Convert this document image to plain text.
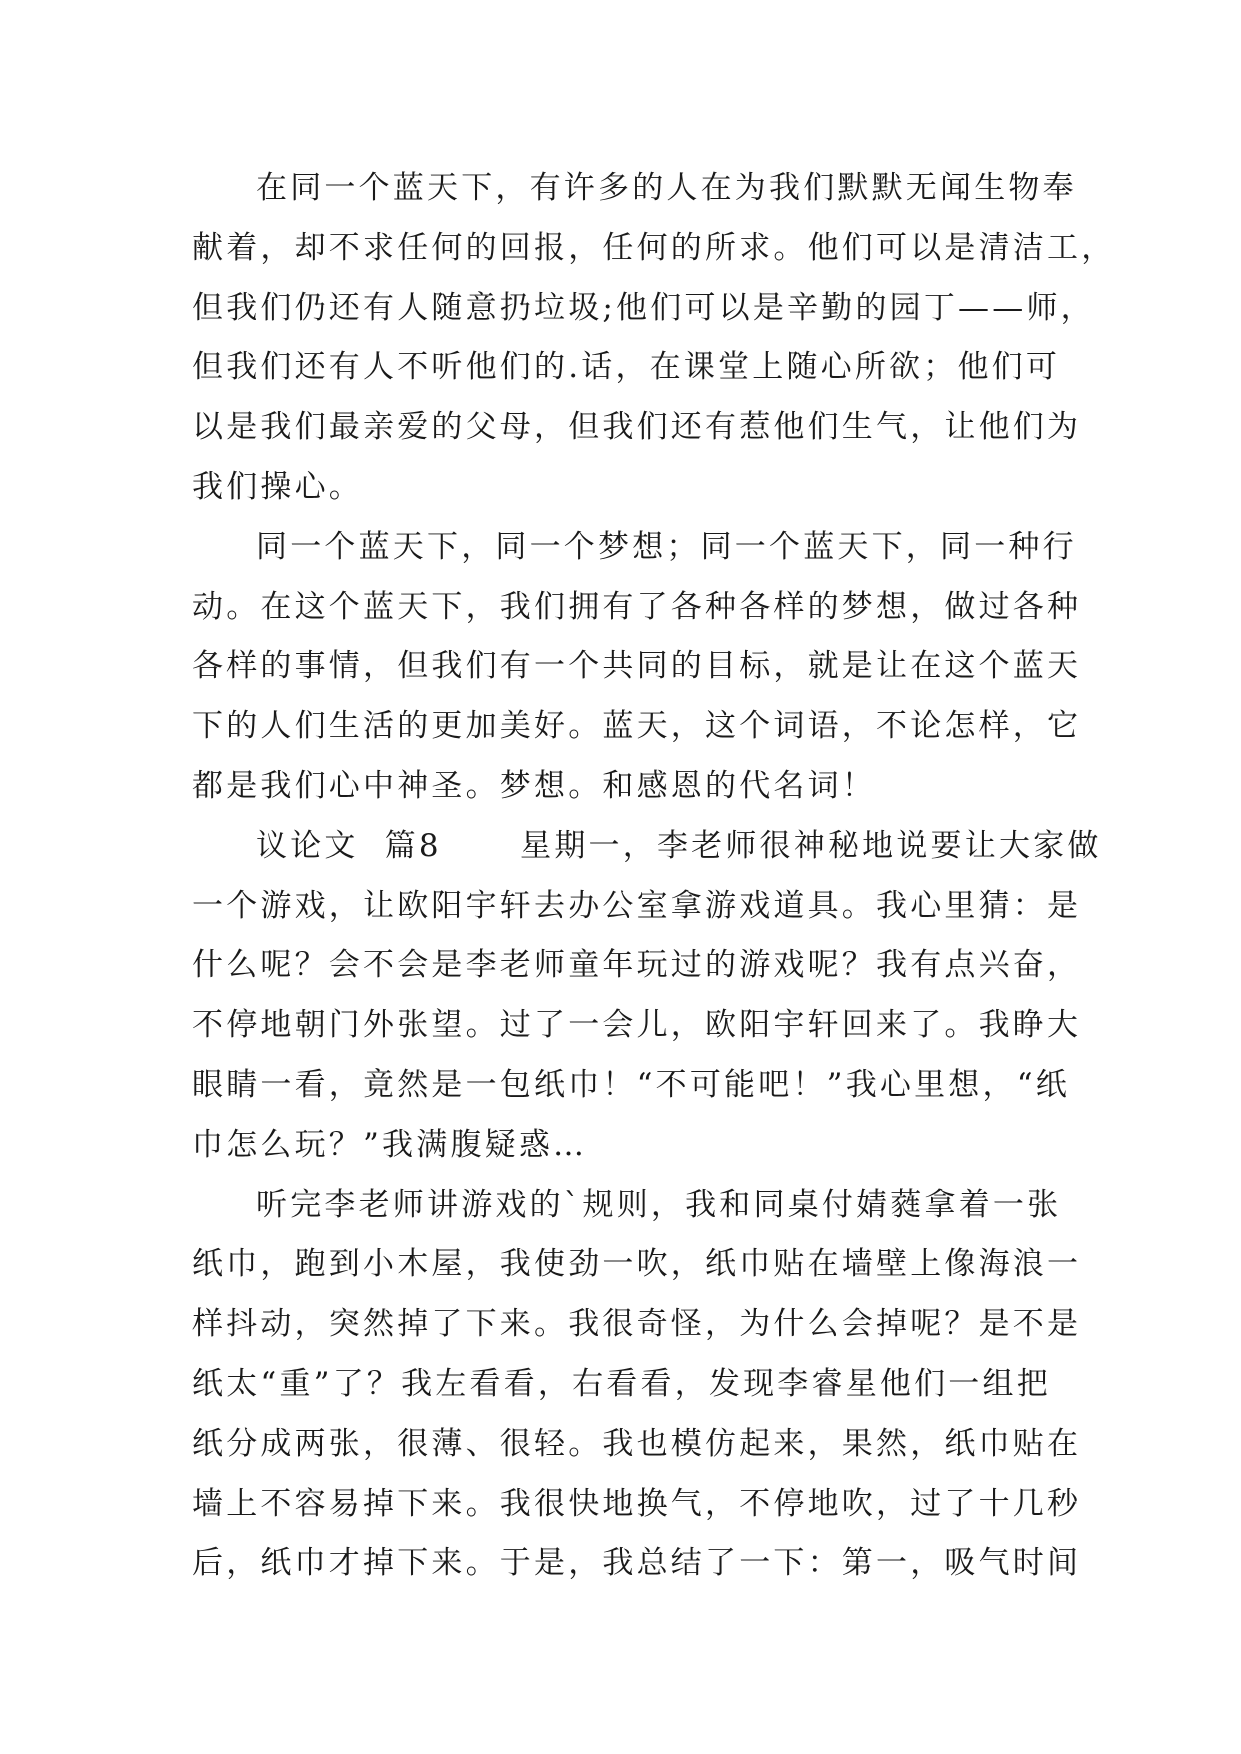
在同一个蓝天下，有许多的人在为我们默默无闻生物奉
献着，却不求任何的回报，任何的所求。他们可以是清洁工，
但我们仍还有人随意扔垃圾;他们可以是辛勤的园丁——师，
但我们还有人不听他们的.话，在课堂上随心所欲；他们可
以是我们最亲爱的父母，但我们还有惹他们生气，让他们为
我们操心。
同一个蓝天下，同一个梦想；同一个蓝天下，同一种行
动。在这个蓝天下，我们拥有了各种各样的梦想，做过各种
各样的事情，但我们有一个共同的目标，就是让在这个蓝天
下的人们生活的更加美好。蓝天，这个词语，不论怎样，它
都是我们心中神圣。梦想。和感恩的代名词！
议论文  篇8      星期一，李老师很神秘地说要让大家做
一个游戏，让欧阳宇轩去办公室拿游戏道具。我心里猜：是
什么呢？会不会是李老师童年玩过的游戏呢？我有点兴奋，
不停地朝门外张望。过了一会儿，欧阳宇轩回来了。我睁大
眼睛一看，竟然是一包纸巾！“不可能吧！”我心里想，“纸
巾怎么玩？”我满腹疑惑…
听完李老师讲游戏的`规则，我和同桌付婧蕤拿着一张
纸巾，跑到小木屋，我使劲一吹，纸巾贴在墙壁上像海浪一
样抖动，突然掉了下来。我很奇怪，为什么会掉呢？是不是
纸太“重”了？我左看看，右看看，发现李睿星他们一组把
纸分成两张，很薄、很轻。我也模仿起来，果然，纸巾贴在
墙上不容易掉下来。我很快地换气，不停地吹，过了十几秒
后，纸巾才掉下来。于是，我总结了一下：第一，吸气时间
